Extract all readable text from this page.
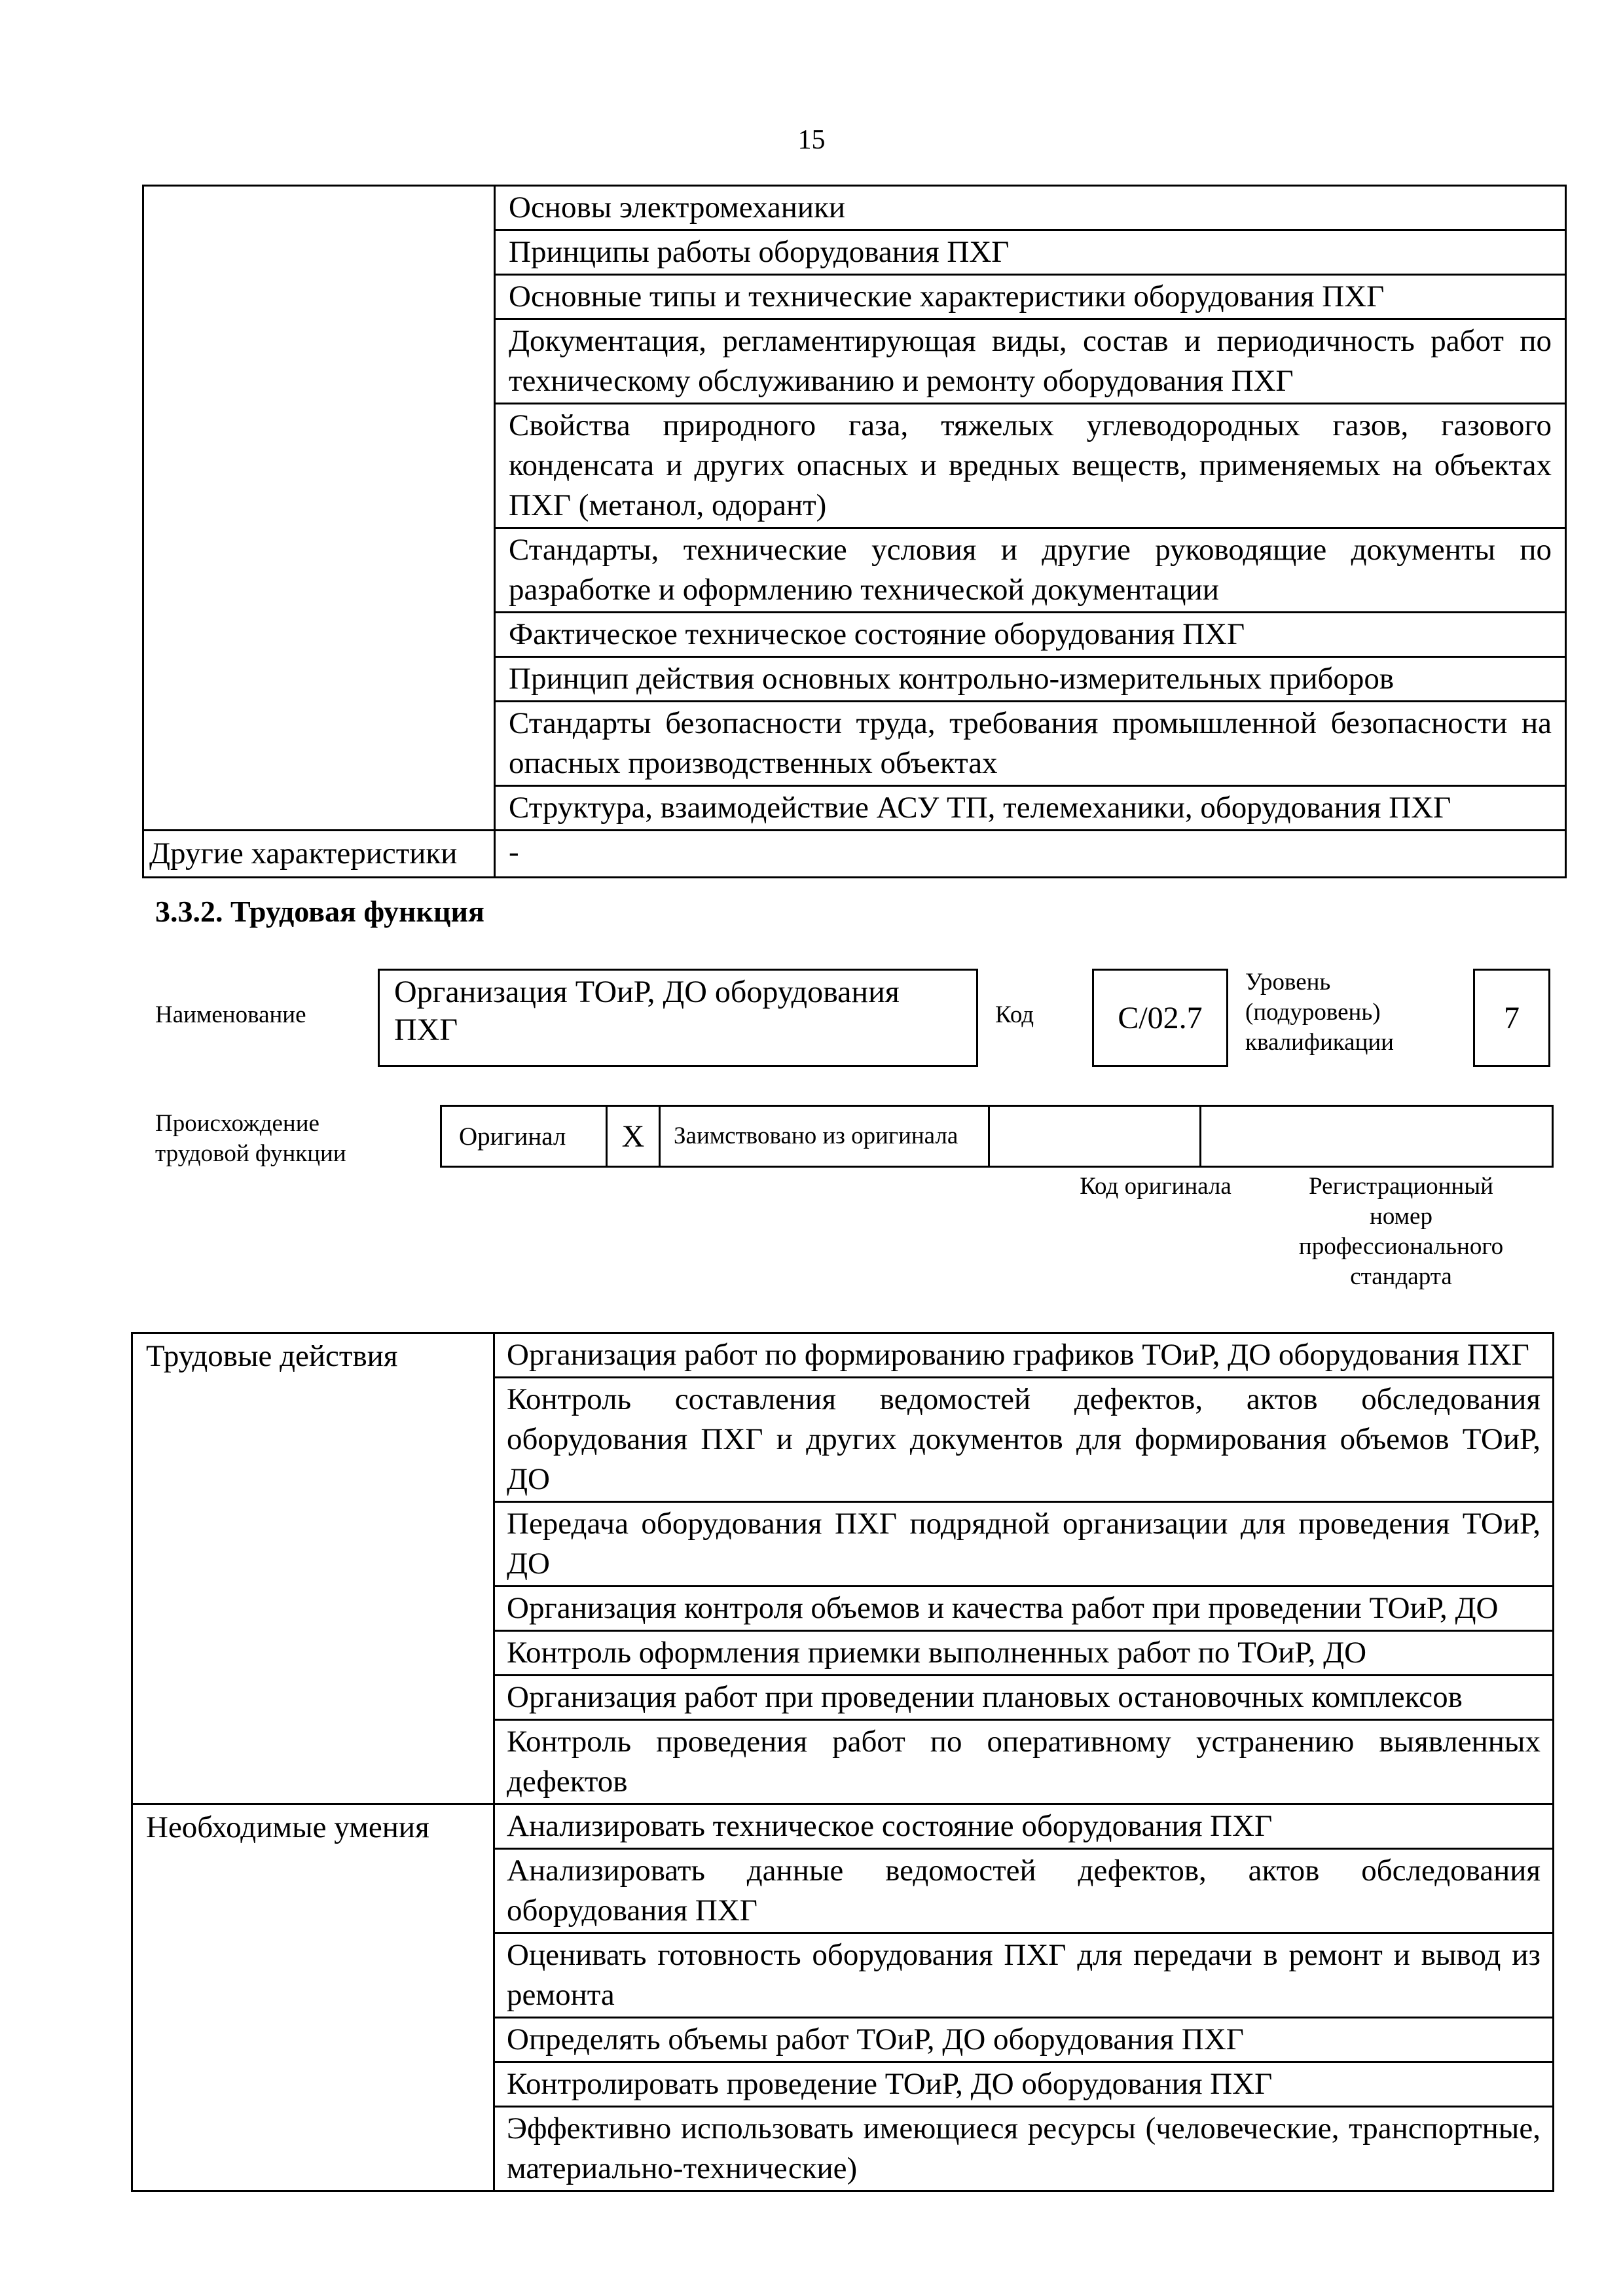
15
	Основы электромеханики
	Принципы работы оборудования ПХГ
	Основные типы и технические характеристики оборудования ПХГ
	Документация, регламентирующая виды, состав и периодичность работ по техническому обслуживанию и ремонту оборудования ПХГ
	Свойства природного газа, тяжелых углеводородных газов, газового конденсата и других опасных и вредных веществ, применяемых на объектах ПХГ (метанол, одорант)
	Стандарты, технические условия и другие руководящие документы по разработке и оформлению технической документации
	Фактическое техническое состояние оборудования ПХГ
	Принцип действия основных контрольно-измерительных приборов
	Стандарты безопасности труда, требования промышленной безопасности на опасных производственных объектах
	Структура, взаимодействие АСУ ТП, телемеханики, оборудования ПХГ
Другие характеристики	-
3.3.2. Трудовая функция
Наименование
Организация ТОиР, ДО оборудования ПХГ	Код	С/02.7
Уровень (подуровень) квалификации
7
Происхождение трудовой функции
Оригинал	X	Заимствовано из оригинала		
Код оригинала	Регистрационный номер профессионального стандарта
Трудовые действия	Организация работ по формированию графиков ТОиР, ДО оборудования ПХГ
	Контроль составления ведомостей дефектов, актов обследования оборудования ПХГ и других документов для формирования объемов ТОиР, ДО
	Передача оборудования ПХГ подрядной организации для проведения ТОиР, ДО
	Организация контроля объемов и качества работ при проведении ТОиР, ДО
	Контроль оформления приемки выполненных работ по ТОиР, ДО
	Организация работ при проведении плановых остановочных комплексов
	Контроль проведения работ по оперативному устранению выявленных дефектов
Необходимые умения	Анализировать техническое состояние оборудования ПХГ
	Анализировать данные ведомостей дефектов, актов обследования оборудования ПХГ
	Оценивать готовность оборудования ПХГ для передачи в ремонт и вывод из ремонта
	Определять объемы работ ТОиР, ДО оборудования ПХГ
	Контролировать проведение ТОиР, ДО оборудования ПХГ
	Эффективно использовать имеющиеся ресурсы (человеческие, транспортные, материально-технические)
